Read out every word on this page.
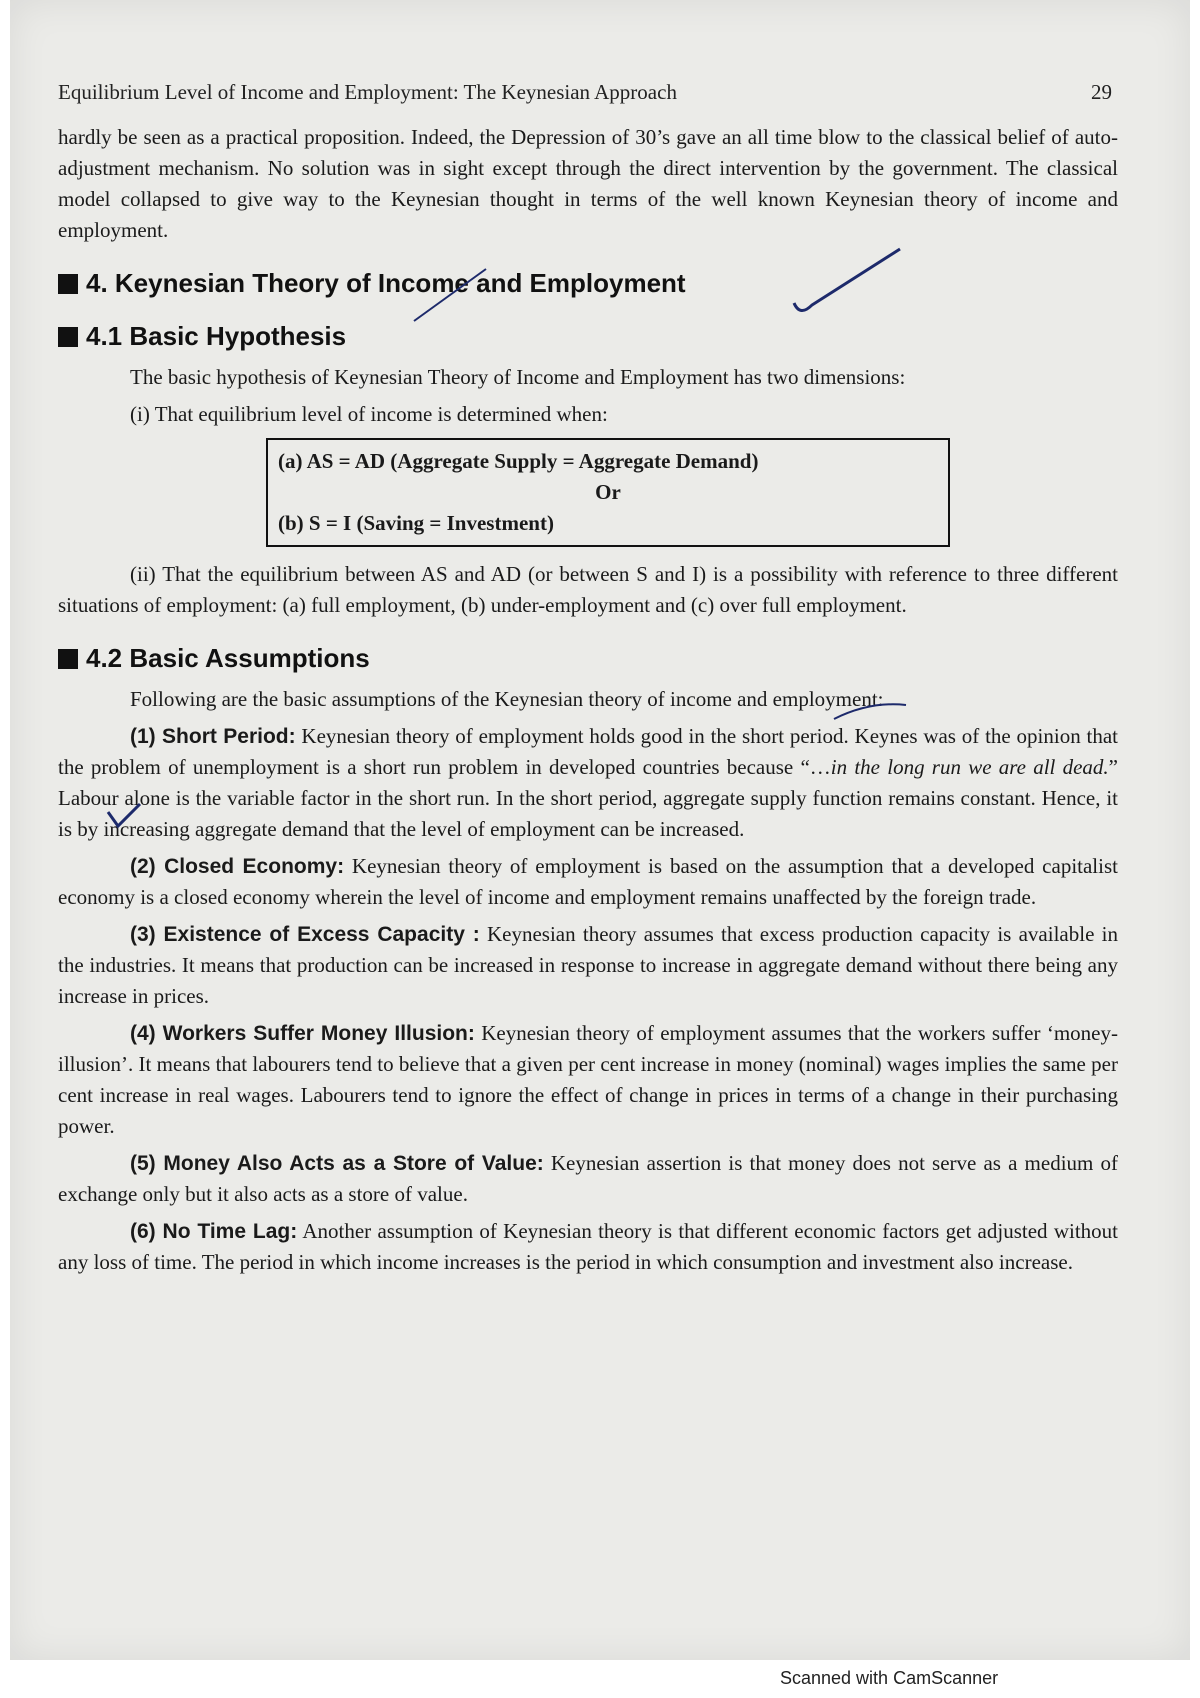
Equilibrium Level of Income and Employment: The Keynesian Approach	29

hardly be seen as a practical proposition. Indeed, the Depression of 30’s gave an all time blow to the classical belief of auto-adjustment mechanism. No solution was in sight except through the direct intervention by the government. The classical model collapsed to give way to the Keynesian thought in terms of the well known Keynesian theory of income and employment.

4. Keynesian Theory of Income and Employment
4.1 Basic Hypothesis

The basic hypothesis of Keynesian Theory of Income and Employment has two dimensions:

(i) That equilibrium level of income is determined when:

(a) AS = AD (Aggregate Supply = Aggregate Demand)
Or
(b) S = I (Saving = Investment)

(ii) That the equilibrium between AS and AD (or between S and I) is a possibility with reference to three different situations of employment: (a) full employment, (b) under-employment and (c) over full employment.

4.2 Basic Assumptions

Following are the basic assumptions of the Keynesian theory of income and employment:

(1) Short Period: Keynesian theory of employment holds good in the short period. Keynes was of the opinion that the problem of unemployment is a short run problem in developed countries because “…in the long run we are all dead.” Labour alone is the variable factor in the short run. In the short period, aggregate supply function remains constant. Hence, it is by increasing aggregate demand that the level of employment can be increased.

(2) Closed Economy: Keynesian theory of employment is based on the assumption that a developed capitalist economy is a closed economy wherein the level of income and employment remains unaffected by the foreign trade.

(3) Existence of Excess Capacity : Keynesian theory assumes that excess production capacity is available in the industries. It means that production can be increased in response to increase in aggregate demand without there being any increase in prices.

(4) Workers Suffer Money Illusion: Keynesian theory of employment assumes that the workers suffer ‘money-illusion’. It means that labourers tend to believe that a given per cent increase in money (nominal) wages implies the same per cent increase in real wages. Labourers tend to ignore the effect of change in prices in terms of a change in their purchasing power.

(5) Money Also Acts as a Store of Value: Keynesian assertion is that money does not serve as a medium of exchange only but it also acts as a store of value.

(6) No Time Lag: Another assumption of Keynesian theory is that different economic factors get adjusted without any loss of time. The period in which income increases is the period in which consumption and investment also increase.

Scanned with CamScanner
